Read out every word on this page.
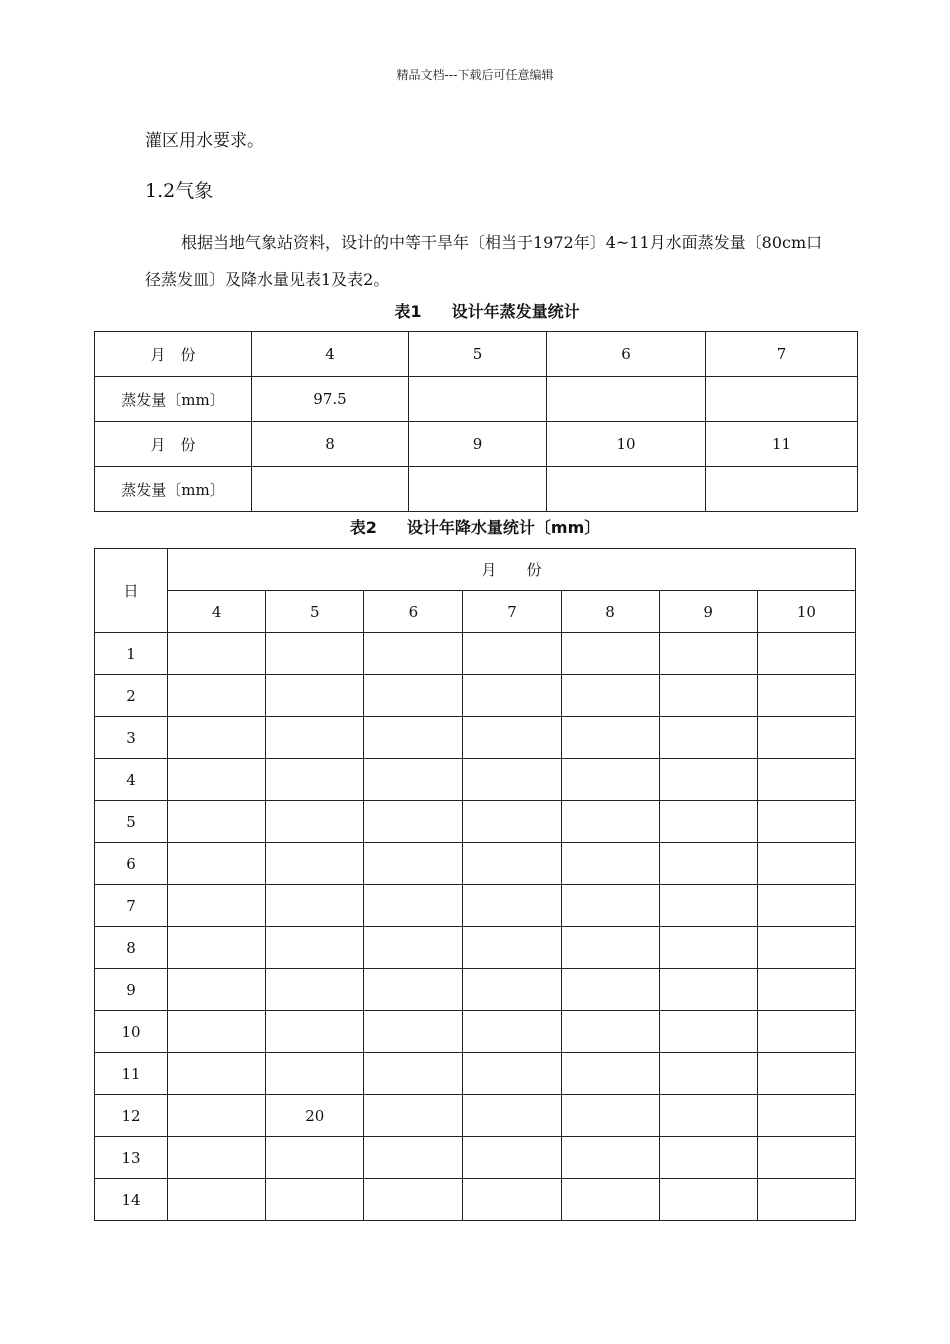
精品文档---下载后可任意编辑
灌区用水要求。
1.2气象
根据当地气象站资料，设计的中等干旱年〔相当于1972年〕4~11月水面蒸发量〔80cm口径蒸发皿〕及降水量见表1及表2。
表1 设计年蒸发量统计
月　份	4	5	6	7
蒸发量〔mm〕	97.5			
月　份	8	9	10	11
蒸发量〔mm〕				
表2 设计年降水量统计〔mm〕
日	月　　份						
	4	5	6	7	8	9	10
1							
2							
3							
4							
5							
6							
7							
8							
9							
10							
11							
12		20					
13							
14							
